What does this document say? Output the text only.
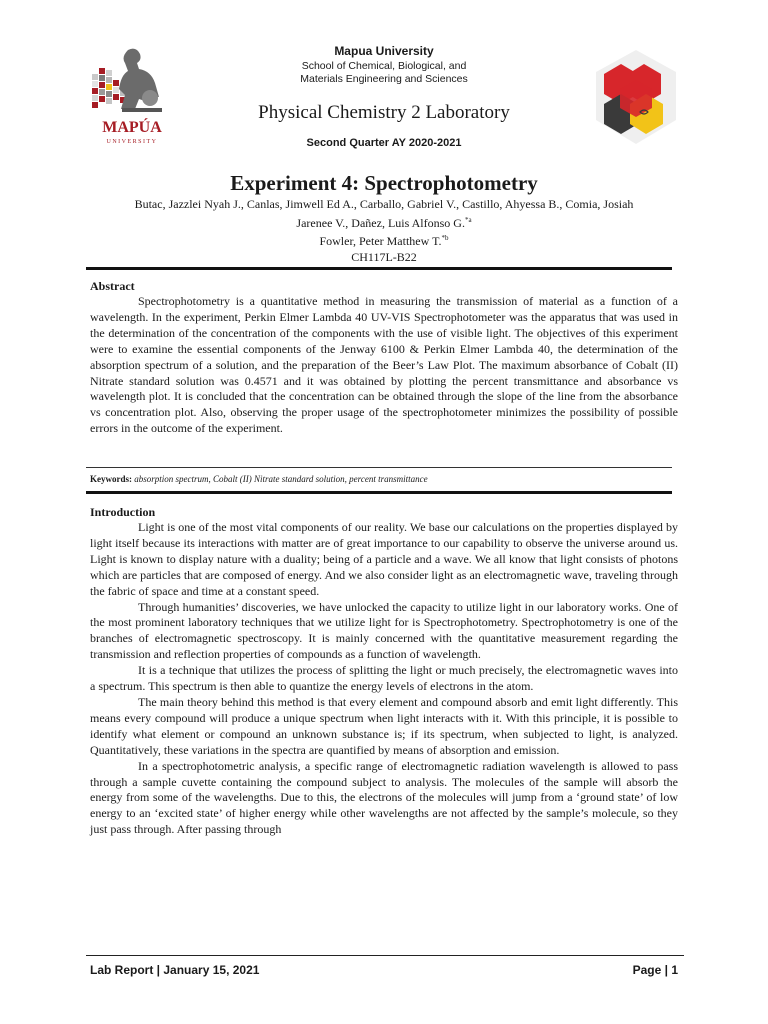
MAPÚA
UNIVERSITY
Mapua University
School of Chemical, Biological, and
Materials Engineering and Sciences
Physical Chemistry 2 Laboratory
Second Quarter AY 2020-2021
Experiment 4: Spectrophotometry
Butac, Jazzlei Nyah J., Canlas, Jimwell Ed A., Carballo, Gabriel V., Castillo, Ahyessa B., Comia, Josiah
Jarenee V., Dañez, Luis Alfonso G.$^{*a}$
Fowler, Peter Matthew T.$^{*b}$
CH117L-B22
Abstract

Spectrophotometry is a quantitative method in measuring the transmission of material as a function of a wavelength. In the experiment, Perkin Elmer Lambda 40 UV-VIS Spectrophotometer was the apparatus that was used in the determination of the concentration of the components with the use of visible light. The objectives of this experiment were to examine the essential components of the Jenway 6100 & Perkin Elmer Lambda 40, the determination of the absorption spectrum of a solution, and the preparation of the Beer’s Law Plot. The maximum absorbance of Cobalt (II) Nitrate standard solution was 0.4571 and it was obtained by plotting the percent transmittance and absorbance vs wavelength plot. It is concluded that the concentration can be obtained through the slope of the line from the absorbance vs concentration plot. Also, observing the proper usage of the spectrophotometer minimizes the possibility of possible errors in the outcome of the experiment.

Keywords: absorption spectrum, Cobalt (II) Nitrate standard solution, percent transmittance
Introduction

Light is one of the most vital components of our reality. We base our calculations on the properties displayed by light itself because its interactions with matter are of great importance to our capability to observe the universe around us. Light is known to display nature with a duality; being of a particle and a wave. We all know that light consists of photons which are particles that are composed of energy. And we also consider light as an electromagnetic wave, traveling through the fabric of space and time at a constant speed.

Through humanities’ discoveries, we have unlocked the capacity to utilize light in our laboratory works. One of the most prominent laboratory techniques that we utilize light for is Spectrophotometry. Spectrophotometry is one of the branches of electromagnetic spectroscopy. It is mainly concerned with the quantitative measurement regarding the transmission and reflection properties of compounds as a function of wavelength.

It is a technique that utilizes the process of splitting the light or much precisely, the electromagnetic waves into a spectrum. This spectrum is then able to quantize the energy levels of electrons in the atom.

The main theory behind this method is that every element and compound absorb and emit light differently. This means every compound will produce a unique spectrum when light interacts with it. With this principle, it is possible to identify what element or compound an unknown substance is; if its spectrum, when subjected to light, is analyzed. Quantitatively, these variations in the spectra are quantified by means of absorption and emission.

In a spectrophotometric analysis, a specific range of electromagnetic radiation wavelength is allowed to pass through a sample cuvette containing the compound subject to analysis. The molecules of the sample will absorb the energy from some of the wavelengths. Due to this, the electrons of the molecules will jump from a ‘ground state’ of low energy to an ‘excited state’ of higher energy while other wavelengths are not affected by the sample’s molecule, so they just pass through. After passing through

Lab Report | January 15, 2021	Page | 1
